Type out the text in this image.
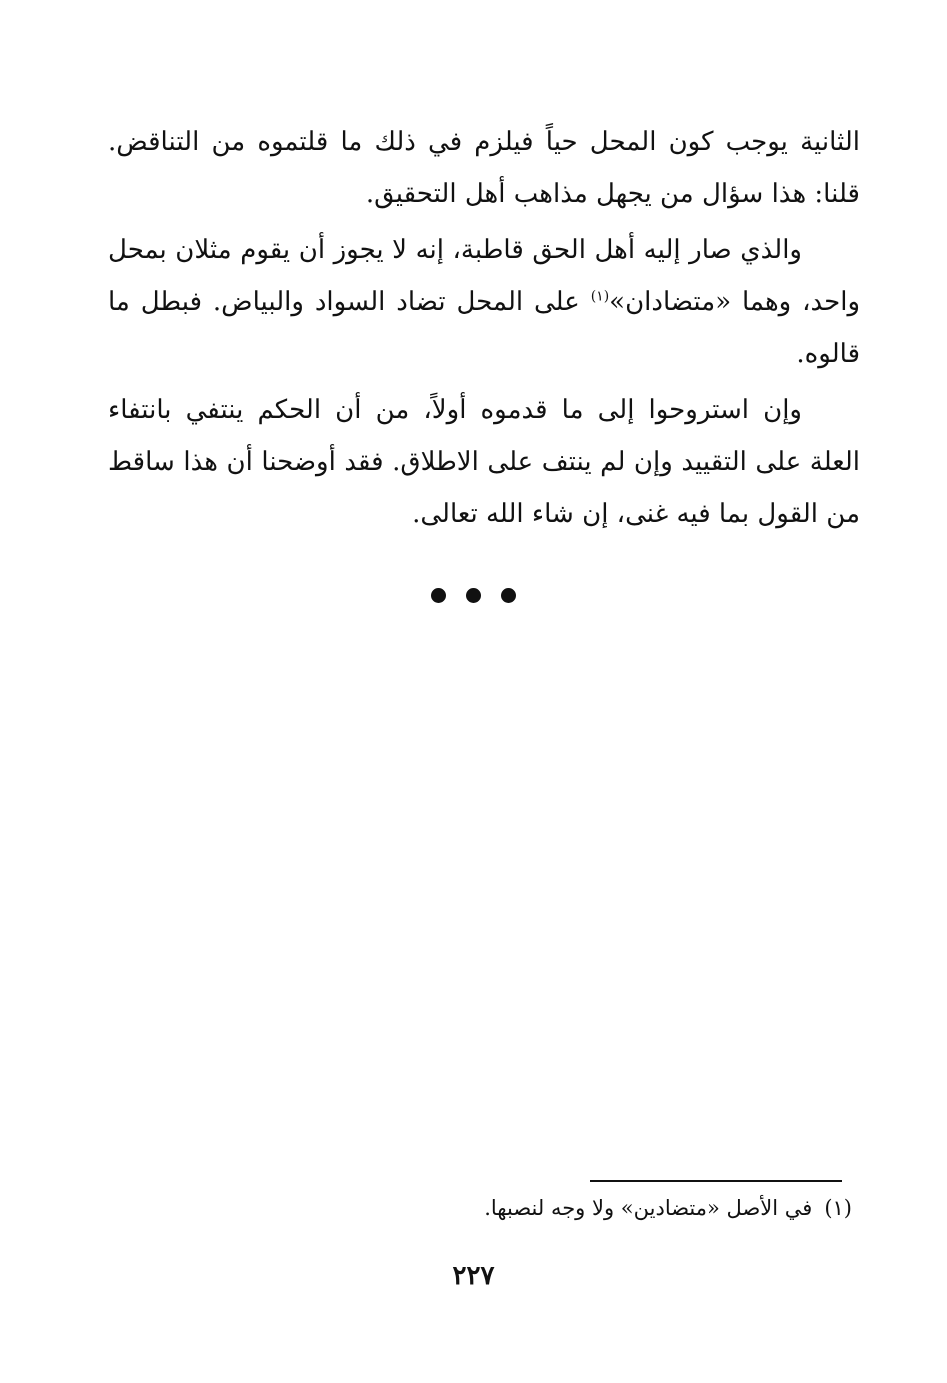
الثانية يوجب كون المحل حياً فيلزم في ذلك ما قلتموه من التناقض. قلنا: هذا سؤال من يجهل مذاهب أهل التحقيق.

والذي صار إليه أهل الحق قاطبة، إنه لا يجوز أن يقوم مثلان بمحل واحد، وهما «متضادان»$^{(١)}$ على المحل تضاد السواد والبياض. فبطل ما قالوه.

وإن استروحوا إلى ما قدموه أولاً، من أن الحكم ينتفي بانتفاء العلة على التقييد وإن لم ينتف على الاطلاق. فقد أوضحنا أن هذا ساقط من القول بما فيه غنى، إن شاء الله تعالى.

(١)في الأصل «متضادين» ولا وجه لنصبها.
٢٢٧
